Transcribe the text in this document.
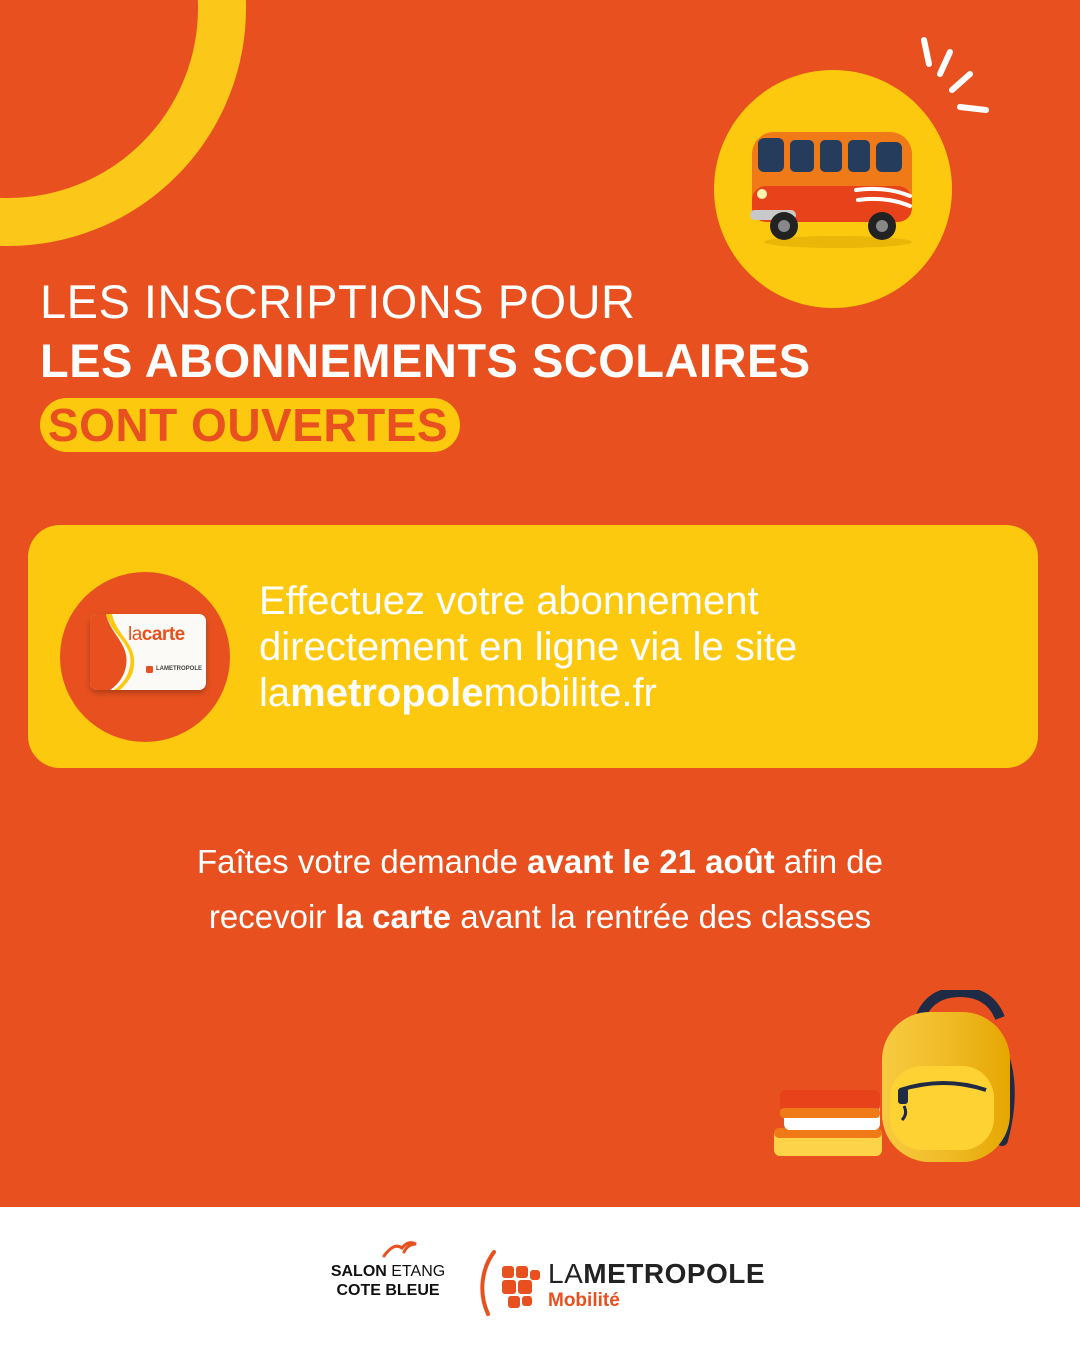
LES INSCRIPTIONS POUR
LES ABONNEMENTS SCOLAIRES
SONT OUVERTES
lacarte
LAMETROPOLE
Effectuez votre abonnement
directement en ligne via le site
lametropolemobilite.fr
Faîtes votre demande avant le 21 août afin de
recevoir la carte avant la rentrée des classes
SALON ETANG
COTE BLEUE
LAMETROPOLE
Mobilité
